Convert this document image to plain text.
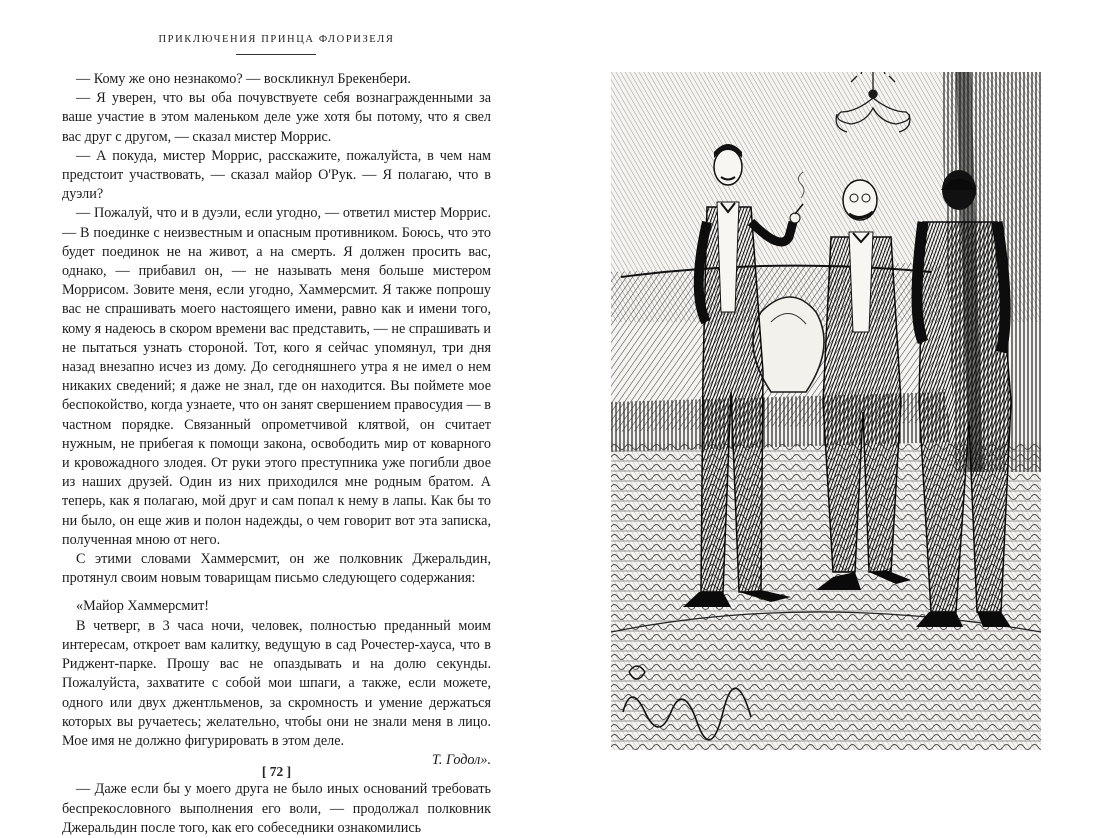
ПРИКЛЮЧЕНИЯ ПРИНЦА ФЛОРИЗЕЛЯ

— Кому же оно незнакомо? — воскликнул Брекенбери.

— Я уверен, что вы оба почувствуете себя вознагражденными за ваше участие в этом маленьком деле уже хотя бы потому, что я свел вас друг с другом, — сказал мистер Моррис.

— А покуда, мистер Моррис, расскажите, пожалуйста, в чем нам предстоит участвовать, — сказал майор О'Рук. — Я полагаю, что в дуэли?

— Пожалуй, что и в дуэли, если угодно, — ответил мистер Моррис. — В поединке с неизвестным и опасным противником. Боюсь, что это будет поединок не на живот, а на смерть. Я должен просить вас, однако, — прибавил он, — не называть меня больше мистером Моррисом. Зовите меня, если угодно, Хаммерсмит. Я также попрошу вас не спрашивать моего настоящего имени, равно как и имени того, кому я надеюсь в скором времени вас представить, — не спрашивать и не пытаться узнать стороной. Тот, кого я сейчас упомянул, три дня назад внезапно исчез из дому. До сегодняшнего утра я не имел о нем никаких сведений; я даже не знал, где он находится. Вы поймете мое беспокойство, когда узнаете, что он занят свершением правосудия — в частном порядке. Связанный опрометчивой клятвой, он считает нужным, не прибегая к помощи закона, освободить мир от коварного и кровожадного злодея. От руки этого преступника уже погибли двое из наших друзей. Один из них приходился мне родным братом. А теперь, как я полагаю, мой друг и сам попал к нему в лапы. Как бы то ни было, он еще жив и полон надежды, о чем говорит вот эта записка, полученная мною от него.

С этими словами Хаммерсмит, он же полковник Джеральдин, протянул своим новым товарищам письмо следующего содержания:

«Майор Хаммерсмит!

В четверг, в 3 часа ночи, человек, полностью преданный моим интересам, откроет вам калитку, ведущую в сад Рочестер-хауса, что в Риджент-парке. Прошу вас не опаздывать и на долю секунды. Пожалуйста, захватите с собой мои шпаги, а также, если можете, одного или двух джентльменов, за скромность и умение держаться которых вы ручаетесь; желательно, чтобы они не знали меня в лицо. Мое имя не должно фигурировать в этом деле.

Т. Годол».

— Даже если бы у моего друга не было иных оснований требовать беспрекословного выполнения его воли, — продолжал полковник Джеральдин после того, как его собеседники ознакомились

[ 72 ]
